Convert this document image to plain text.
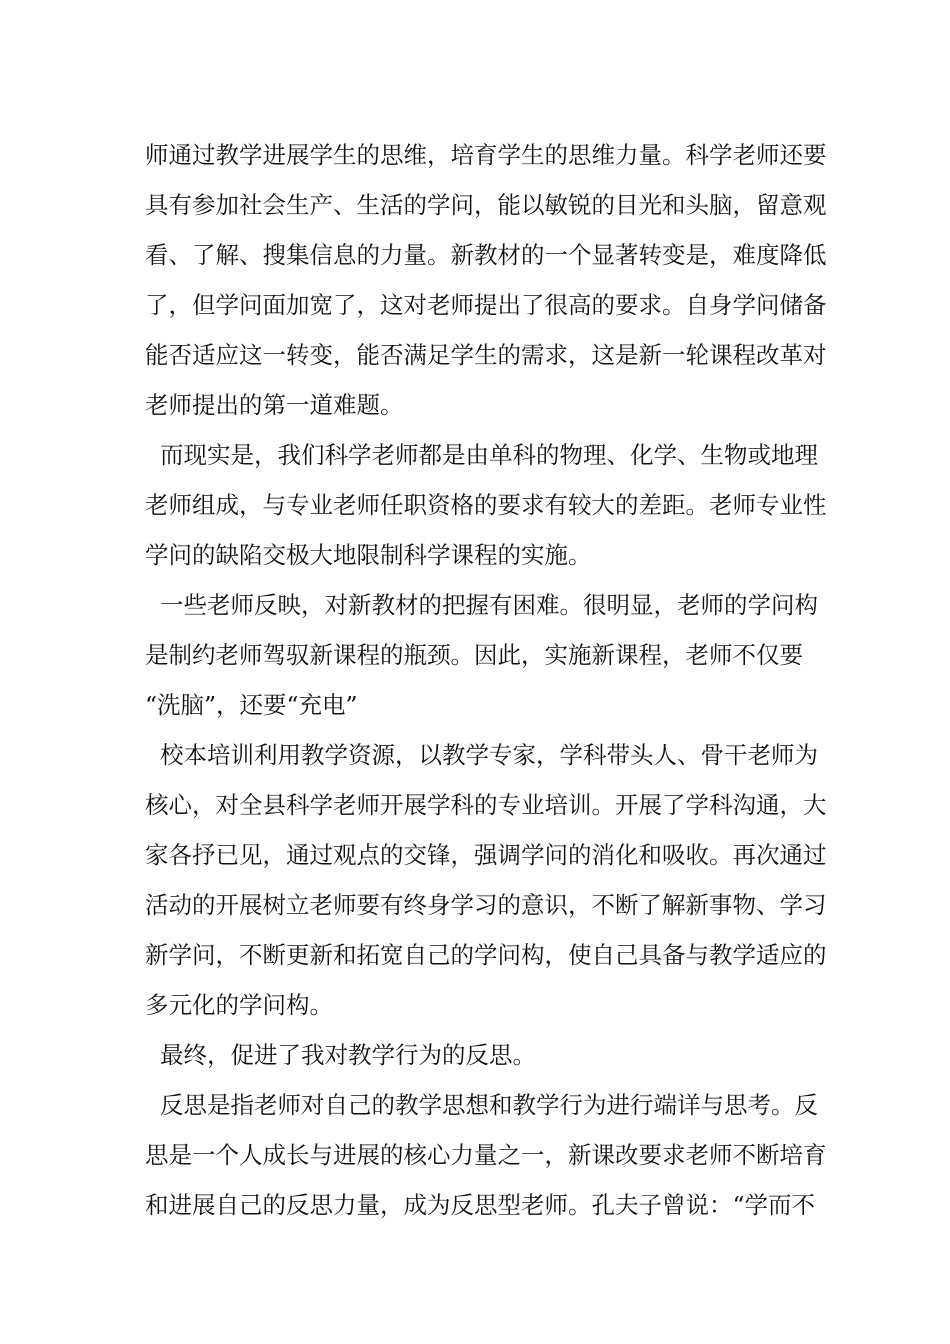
师通过教学进展学生的思维，培育学生的思维力量。科学老师还要
具有参加社会生产、生活的学问，能以敏锐的目光和头脑，留意观
看、了解、搜集信息的力量。新教材的一个显著转变是，难度降低
了，但学问面加宽了，这对老师提出了很高的要求。自身学问储备
能否适应这一转变，能否满足学生的需求，这是新一轮课程改革对
老师提出的第一道难题。
而现实是，我们科学老师都是由单科的物理、化学、生物或地理
老师组成，与专业老师任职资格的要求有较大的差距。老师专业性
学问的缺陷交极大地限制科学课程的实施。
一些老师反映，对新教材的把握有困难。很明显，老师的学问构
是制约老师驾驭新课程的瓶颈。因此，实施新课程，老师不仅要
“洗脑”，还要“充电”
校本培训利用教学资源，以教学专家，学科带头人、骨干老师为
核心，对全县科学老师开展学科的专业培训。开展了学科沟通，大
家各抒已见，通过观点的交锋，强调学问的消化和吸收。再次通过
活动的开展树立老师要有终身学习的意识，不断了解新事物、学习
新学问，不断更新和拓宽自己的学问构，使自己具备与教学适应的
多元化的学问构。
最终，促进了我对教学行为的反思。
反思是指老师对自己的教学思想和教学行为进行端详与思考。反
思是一个人成长与进展的核心力量之一，新课改要求老师不断培育
和进展自己的反思力量，成为反思型老师。孔夫子曾说：“学而不
